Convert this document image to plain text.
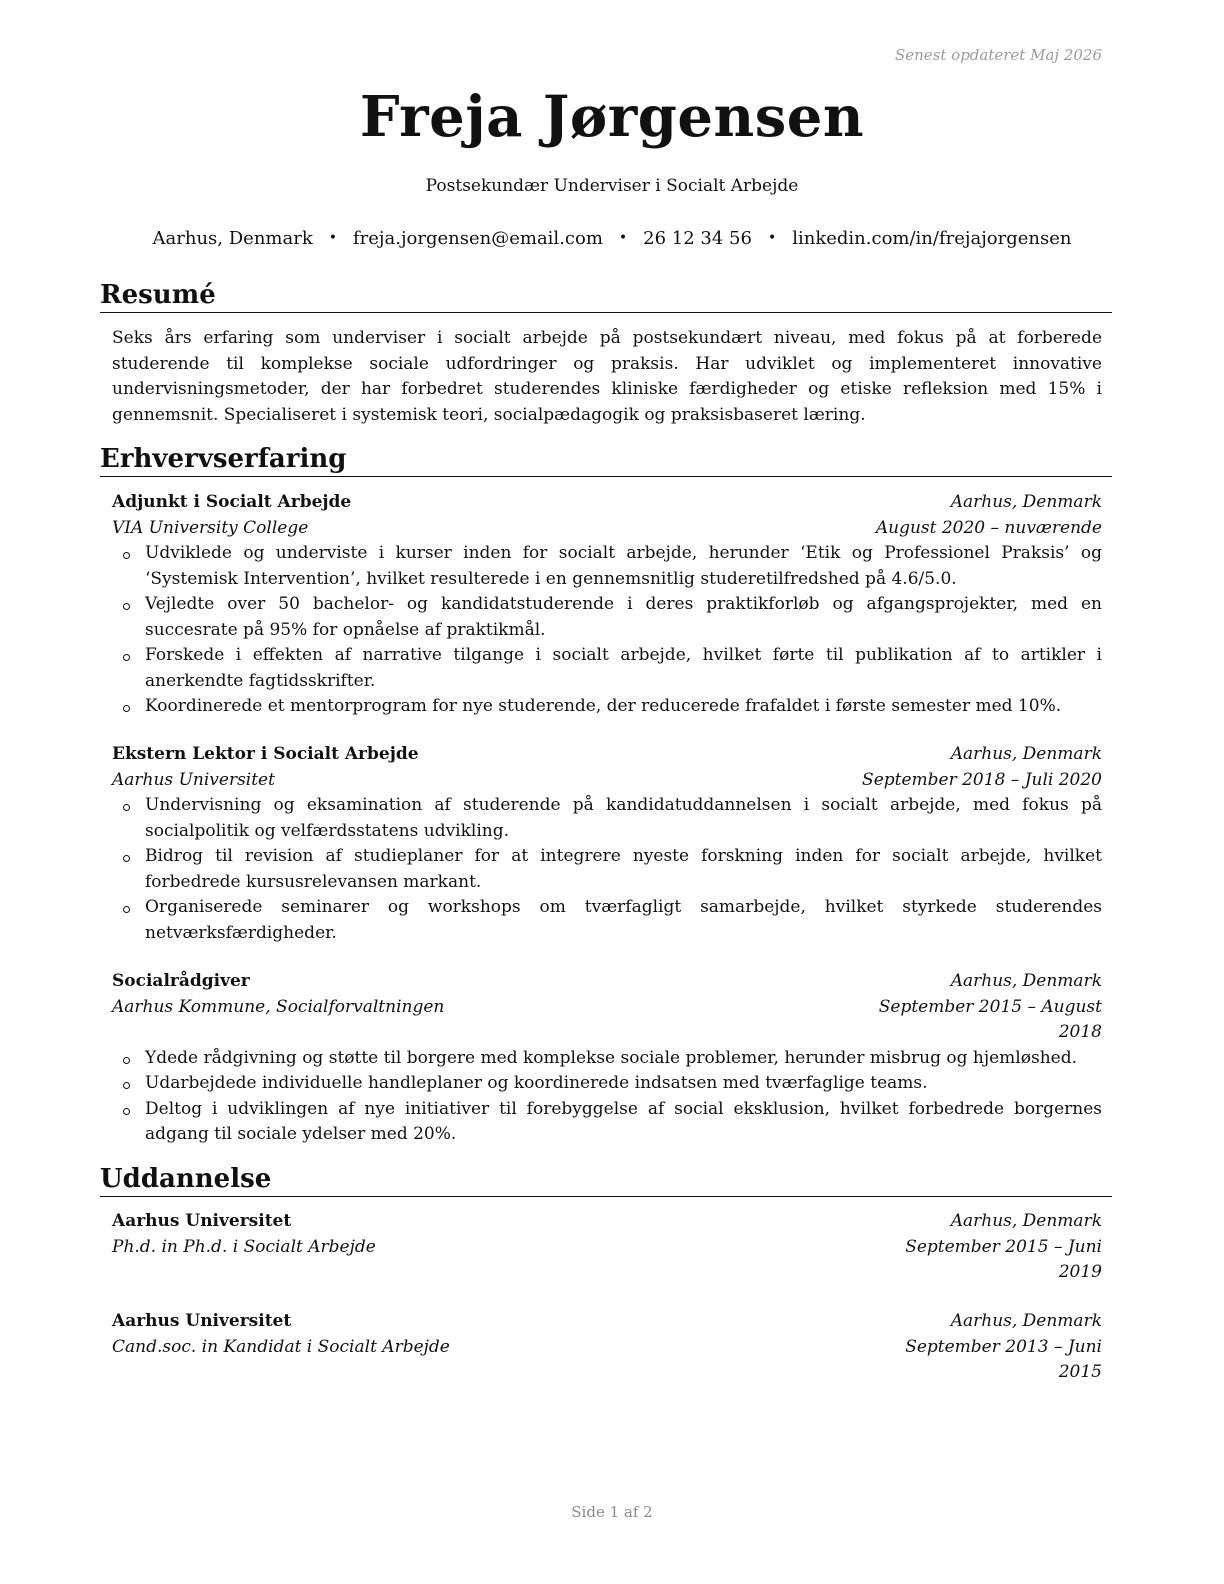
Senest opdateret Maj 2026
Freja Jørgensen
Postsekundær Underviser i Socialt Arbejde
Aarhus, Denmark • freja.jorgensen@email.com • 26 12 34 56 • linkedin.com/in/frejajorgensen
Resumé
Seks års erfaring som underviser i socialt arbejde på postsekundært niveau, med fokus på at forberede studerende til komplekse sociale udfordringer og praksis. Har udviklet og implementeret innovative undervisningsmetoder, der har forbedret studerendes kliniske færdigheder og etiske refleksion med 15% i gennemsnit. Specialiseret i systemisk teori, socialpædagogik og praksisbaseret læring.
Erhvervserfaring
Adjunkt i Socialt Arbejde	Aarhus, Denmark
VIA University College	August 2020 – nuværende
Udviklede og underviste i kurser inden for socialt arbejde, herunder ‘Etik og Professionel Praksis’ og ‘Systemisk Intervention’, hvilket resulterede i en gennemsnitlig studeretilfredshed på 4.6/5.0.
Vejledte over 50 bachelor- og kandidatstuderende i deres praktikforløb og afgangsprojekter, med en succesrate på 95% for opnåelse af praktikmål.
Forskede i effekten af narrative tilgange i socialt arbejde, hvilket førte til publikation af to artikler i anerkendte fagtidsskrifter.
Koordinerede et mentorprogram for nye studerende, der reducerede frafaldet i første semester med 10%.
Ekstern Lektor i Socialt Arbejde	Aarhus, Denmark
Aarhus Universitet	September 2018 – Juli 2020
Undervisning og eksamination af studerende på kandidatuddannelsen i socialt arbejde, med fokus på socialpolitik og velfærdsstatens udvikling.
Bidrog til revision af studieplaner for at integrere nyeste forskning inden for socialt arbejde, hvilket forbedrede kursusrelevansen markant.
Organiserede seminarer og workshops om tværfagligt samarbejde, hvilket styrkede studerendes netværksfærdigheder.
Socialrådgiver	Aarhus, Denmark
Aarhus Kommune, Socialforvaltningen	September 2015 – August 2018
Ydede rådgivning og støtte til borgere med komplekse sociale problemer, herunder misbrug og hjemløshed.
Udarbejdede individuelle handleplaner og koordinerede indsatsen med tværfaglige teams.
Deltog i udviklingen af nye initiativer til forebyggelse af social eksklusion, hvilket forbedrede borgernes adgang til sociale ydelser med 20%.
Uddannelse
Aarhus Universitet	Aarhus, Denmark
Ph.d. in Ph.d. i Socialt Arbejde	September 2015 – Juni 2019
Aarhus Universitet	Aarhus, Denmark
Cand.soc. in Kandidat i Socialt Arbejde	September 2013 – Juni 2015
Side 1 af 2
